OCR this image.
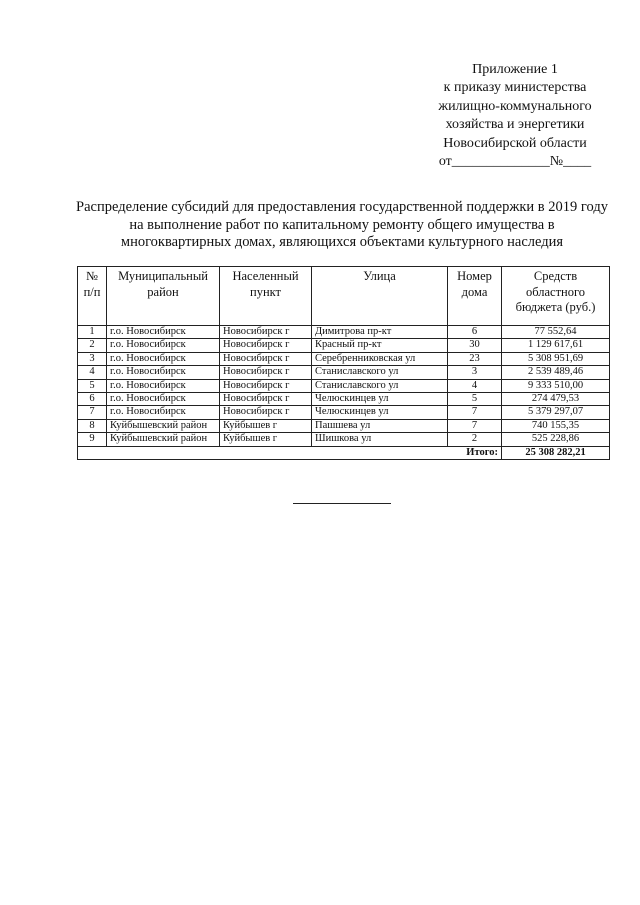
Приложение 1
к приказу министерства
жилищно-коммунального
хозяйства и энергетики
Новосибирской области
от______________№____
Распределение субсидий для предоставления государственной поддержки в 2019 году на выполнение работ по капитальному ремонту общего имущества в многоквартирных домах, являющихся объектами культурного наследия
№ п/п	Муниципальный район	Населенный пункт	Улица	Номер дома	Средств областного бюджета (руб.)
1	г.о. Новосибирск	Новосибирск г	Димитрова пр-кт	6	77 552,64
2	г.о. Новосибирск	Новосибирск г	Красный пр-кт	30	1 129 617,61
3	г.о. Новосибирск	Новосибирск г	Серебренниковская ул	23	5 308 951,69
4	г.о. Новосибирск	Новосибирск г	Станиславского ул	3	2 539 489,46
5	г.о. Новосибирск	Новосибирск г	Станиславского ул	4	9 333 510,00
6	г.о. Новосибирск	Новосибирск г	Челюскинцев ул	5	274 479,53
7	г.о. Новосибирск	Новосибирск г	Челюскинцев ул	7	5 379 297,07
8	Куйбышевский район	Куйбышев г	Пашшева ул	7	740 155,35
9	Куйбышевский район	Куйбышев г	Шишкова ул	2	525 228,86
Итого:					25 308 282,21
